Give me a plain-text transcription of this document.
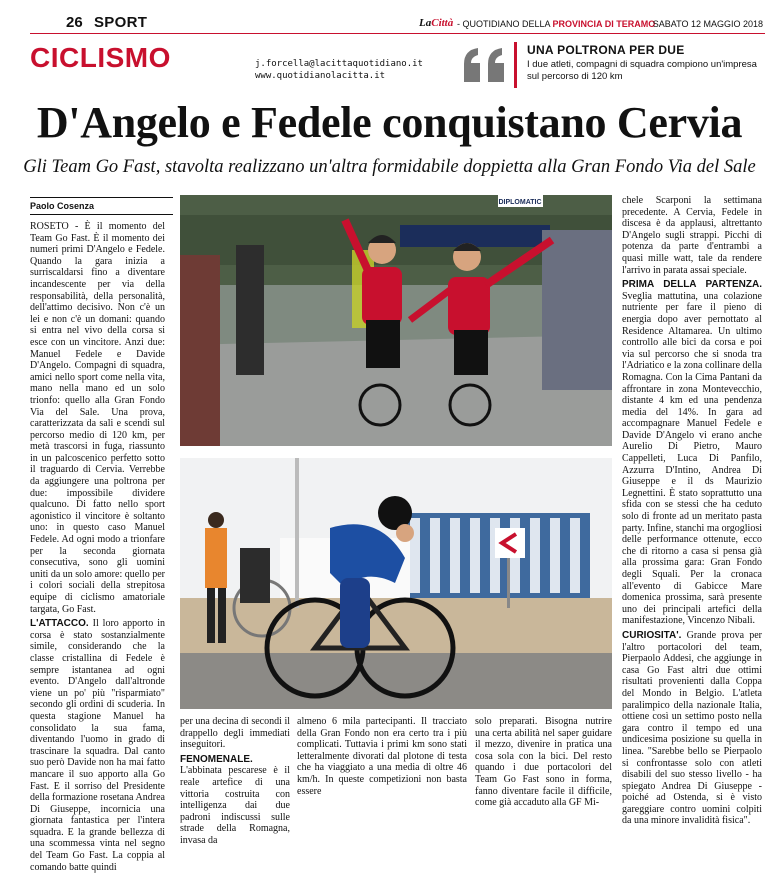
26 SPORT	LaCittà - QUOTIDIANO DELLA PROVINCIA DI TERAMO
SABATO 12 MAGGIO 2018
CICLISMO	j.forcella@lacittaquotidiano.it
www.quotidianolacitta.it
UNA POLTRONA PER DUE
I due atleti, compagni di squadra compiono un'impresa sul percorso di 120 km
D'Angelo e Fedele conquistano Cervia
Gli Team Go Fast, stavolta realizzano un'altra formidabile doppietta alla Gran Fondo Via del Sale
Paolo Cosenza

ROSETO - È il momento del Team Go Fast. È il momento dei numeri primi D'Angelo e Fedele. Quando la gara inizia a surriscaldarsi fino a diventare incandescente per via della responsabilità, della personalità, dell'attimo decisivo. Non c'è un lei e non c'è un domani: quando si entra nel vivo della corsa si esce con un vincitore. Anzi due: Manuel Fedele e Davide D'Angelo. Compagni di squadra, amici nello sport come nella vita, mano nella mano ed un solo trionfo: quello alla Gran Fondo Via del Sale. Una prova, caratterizzata da sali e scendi sul percorso medio di 120 km, per metà trascorsi in fuga, riassunto in un palcoscenico perfetto sotto il traguardo di Cervia. Verrebbe da aggiungere una poltrona per due: impossibile dividere qualcuno. Di fatto nello sport agonistico il vincitore è soltanto uno: in questo caso Manuel Fedele. Ad ogni modo a trionfare per la seconda giornata consecutiva, sono gli uomini uniti da un solo amore: quello per i colori sociali della strepitosa equipe di ciclismo amatoriale targata, Go Fast.

L'ATTACCO. Il loro apporto in corsa è stato sostanzialmente simile, considerando che la classe cristallina di Fedele è sempre istantanea ad ogni evento. D'Angelo dall'altronde viene un po' più "risparmiato" secondo gli ordini di scuderia. In questa stagione Manuel ha consolidato la sua fama, diventando l'uomo in grado di trascinare la squadra. Dal canto suo però Davide non ha mai fatto mancare il suo apporto alla Go Fast. E il sorriso del Presidente della formazione rosetana Andrea Di Giuseppe, incornicia una giornata fantastica per l'intera squadra. E la grande bellezza di una scommessa vinta nel segno del Team Go Fast. La coppia al comando batte quindi

DIPLOMATIC

per una decina di secondi il drappello degli immediati inseguitori.

FENOMENALE. L'abbinata pescarese è il reale artefice di una vittoria costruita con intelligenza dai due padroni indiscussi sulle strade della Romagna, invasa da

almeno 6 mila partecipanti. Il tracciato della Gran Fondo non era certo tra i più complicati. Tuttavia i primi km sono stati letteralmente divorati dal plotone di testa che ha viaggiato a una media di oltre 46 km/h. In queste competizioni non basta essere

solo preparati. Bisogna nutrire una certa abilità nel saper guidare il mezzo, divenire in pratica una cosa sola con la bici. Del resto quando i due portacolori del Team Go Fast sono in forma, fanno diventare facile il difficile, come già accaduto alla GF Mi-

chele Scarponi la settimana precedente. A Cervia, Fedele in discesa è da applausi, altrettanto D'Angelo sugli strappi. Picchi di potenza da parte d'entrambi a quasi mille watt, tale da rendere l'arrivo in parata assai speciale.

PRIMA DELLA PARTENZA. Sveglia mattutina, una colazione nutriente per fare il pieno di energia dopo aver pernottato al Residence Altamarea. Un ultimo controllo alle bici da corsa e poi via sul percorso che si snoda tra l'Adriatico e la zona collinare della Romagna. Con la Cima Pantani da affrontare in zona Montevecchio, distante 4 km ed una pendenza media del 14%. In gara ad accompagnare Manuel Fedele e Davide D'Angelo vi erano anche Aurelio Di Pietro, Mauro Cappelleti, Luca Di Panfilo, Azzurra D'Intino, Andrea Di Giuseppe e il ds Maurizio Legnettini. È stato soprattutto una sfida con se stessi che ha ceduto solo di fronte ad un meritato pasta party. Infine, stanchi ma orgogliosi delle performance ottenute, ecco che di ritorno a casa si pensa già alla prossima gara: Gran Fondo degli Squali. Per la cronaca all'evento di Gabicce Mare domenica prossima, sarà presente uno dei principali artefici della manifestazione, Vincenzo Nibali.

CURIOSITA'. Grande prova per l'altro portacolori del team, Pierpaolo Addesi, che aggiunge in casa Go Fast altri due ottimi risultati provenienti dalla Coppa del Mondo in Belgio. L'atleta paralimpico della nazionale Italia, ottiene così un settimo posto nella gara contro il tempo ed una undicesima posizione su quella in linea. "Sarebbe bello se Pierpaolo si confrontasse solo con atleti disabili del suo stesso livello - ha spiegato Andrea Di Giuseppe - poiché ad Ostenda, si è visto gareggiare contro uomini colpiti da una minore invalidità fisica".
